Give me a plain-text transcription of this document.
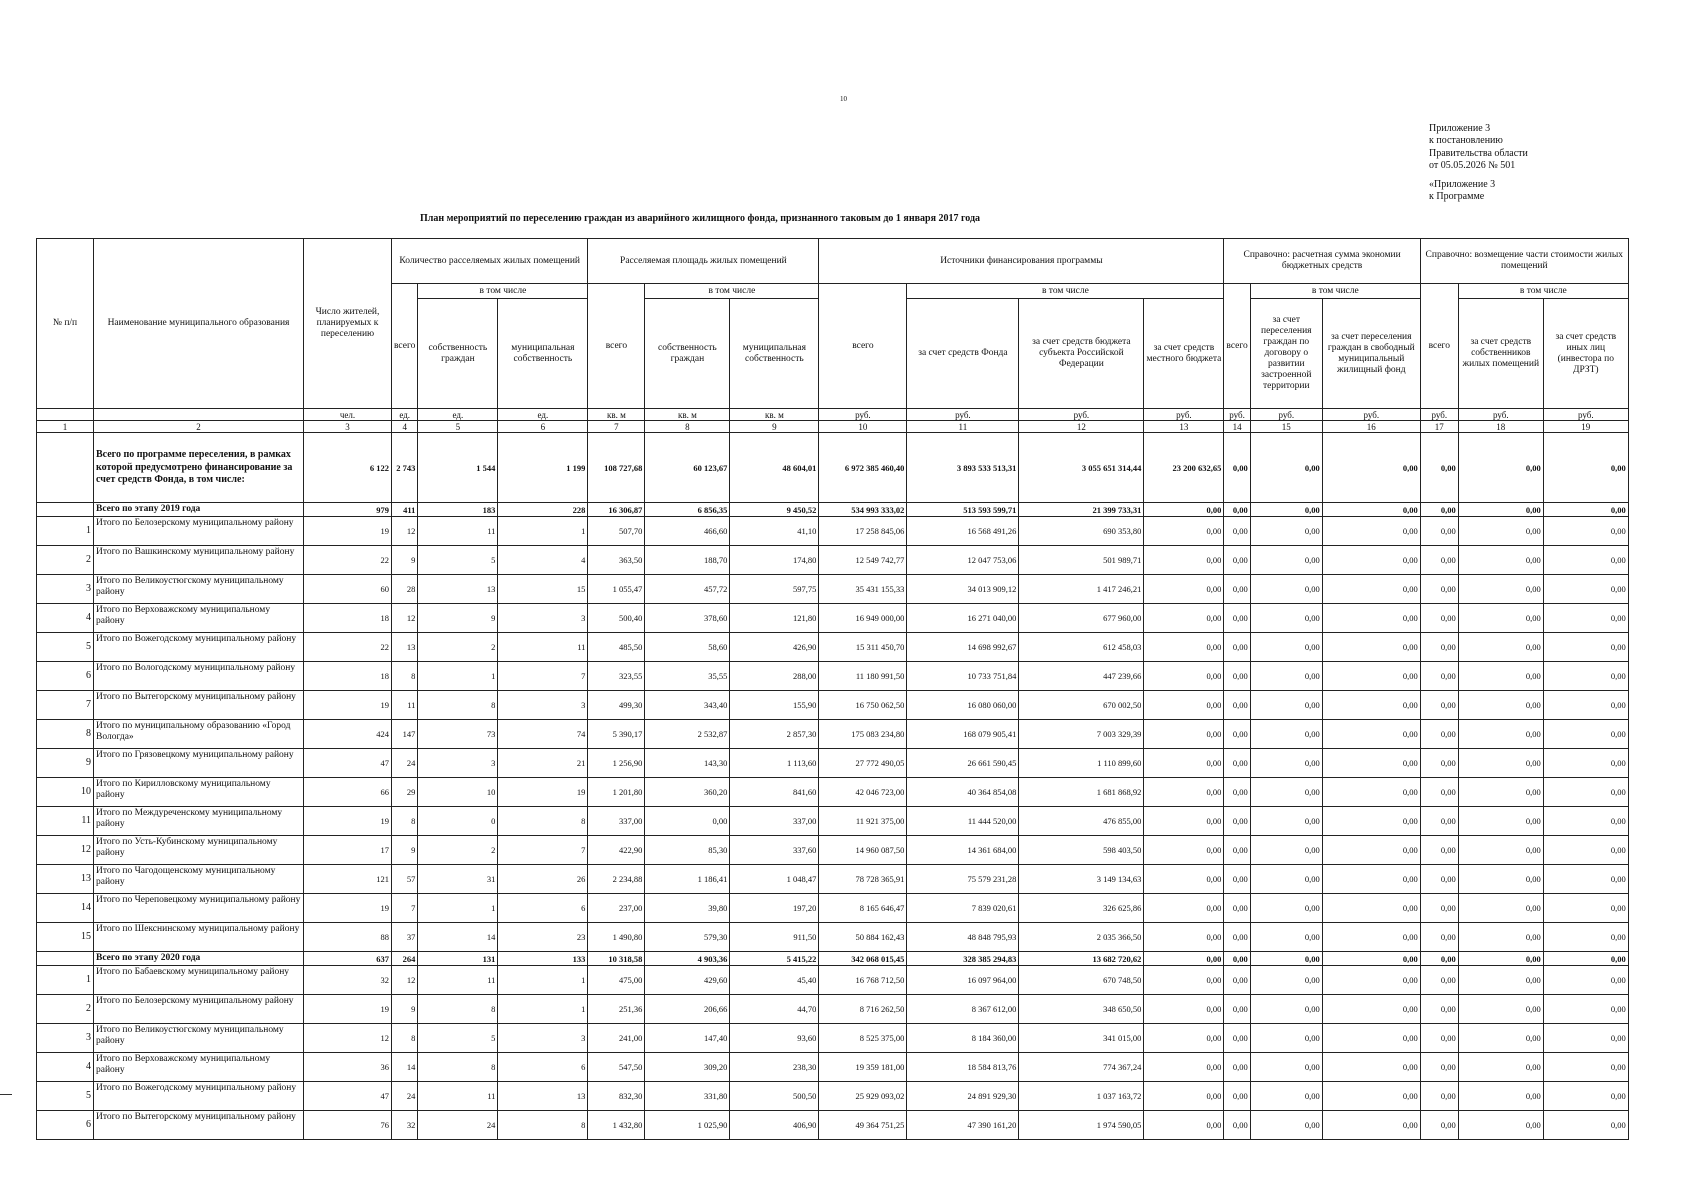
10
Приложение 3
к постановлению
Правительства области
от 05.05.2026 № 501
«Приложение 3
к Программе
План мероприятий по переселению граждан из аварийного жилищного фонда, признанного таковым до 1 января 2017 года
№ п/п	Наименование муниципального образования	Число жителей, планируемых к переселению	Количество расселяемых жилых помещений			Расселяемая площадь жилых помещений			Источники финансирования программы				Справочно: расчетная сумма экономии бюджетных средств			Справочно: возмещение части стоимости жилых помещений		
			всего	в том числе		всего	в том числе		всего	в том числе			всего	в том числе		всего	в том числе	
				собственность граждан	муниципальная собственность		собственность граждан	муниципальная собственность		за счет средств Фонда	за счет средств бюджета субъекта Российской Федерации	за счет средств местного бюджета		за счет переселения граждан по договору о развитии застроенной территории	за счет переселения граждан в свободный муниципальный жилищный фонд		за счет средств собственников жилых помещений	за счет средств иных лиц (инвестора по ДРЗТ)
		чел.	ед.	ед.	ед.	кв. м	кв. м	кв. м	руб.	руб.	руб.	руб.	руб.	руб.	руб.	руб.	руб.	руб.
1	2	3	4	5	6	7	8	9	10	11	12	13	14	15	16	17	18	19
	Всего по программе переселения, в рамках которой предусмотрено финансирование за счет средств Фонда, в том числе:	6 122	2 743	1 544	1 199	108 727,68	60 123,67	48 604,01	6 972 385 460,40	3 893 533 513,31	3 055 651 314,44	23 200 632,65	0,00	0,00	0,00	0,00	0,00	0,00
	Всего по этапу 2019 года	979	411	183	228	16 306,87	6 856,35	9 450,52	534 993 333,02	513 593 599,71	21 399 733,31	0,00	0,00	0,00	0,00	0,00	0,00	0,00
1	Итого по Белозерскому муниципальному району	19	12	11	1	507,70	466,60	41,10	17 258 845,06	16 568 491,26	690 353,80	0,00	0,00	0,00	0,00	0,00	0,00	0,00
2	Итого по Вашкинскому муниципальному району	22	9	5	4	363,50	188,70	174,80	12 549 742,77	12 047 753,06	501 989,71	0,00	0,00	0,00	0,00	0,00	0,00	0,00
3	Итого по Великоустюгскому муниципальному району	60	28	13	15	1 055,47	457,72	597,75	35 431 155,33	34 013 909,12	1 417 246,21	0,00	0,00	0,00	0,00	0,00	0,00	0,00
4	Итого по Верховажскому муниципальному району	18	12	9	3	500,40	378,60	121,80	16 949 000,00	16 271 040,00	677 960,00	0,00	0,00	0,00	0,00	0,00	0,00	0,00
5	Итого по Вожегодскому муниципальному району	22	13	2	11	485,50	58,60	426,90	15 311 450,70	14 698 992,67	612 458,03	0,00	0,00	0,00	0,00	0,00	0,00	0,00
6	Итого по Вологодскому муниципальному району	18	8	1	7	323,55	35,55	288,00	11 180 991,50	10 733 751,84	447 239,66	0,00	0,00	0,00	0,00	0,00	0,00	0,00
7	Итого по Вытегорскому муниципальному району	19	11	8	3	499,30	343,40	155,90	16 750 062,50	16 080 060,00	670 002,50	0,00	0,00	0,00	0,00	0,00	0,00	0,00
8	Итого по муниципальному образованию «Город Вологда»	424	147	73	74	5 390,17	2 532,87	2 857,30	175 083 234,80	168 079 905,41	7 003 329,39	0,00	0,00	0,00	0,00	0,00	0,00	0,00
9	Итого по Грязовецкому муниципальному району	47	24	3	21	1 256,90	143,30	1 113,60	27 772 490,05	26 661 590,45	1 110 899,60	0,00	0,00	0,00	0,00	0,00	0,00	0,00
10	Итого по Кирилловскому муниципальному району	66	29	10	19	1 201,80	360,20	841,60	42 046 723,00	40 364 854,08	1 681 868,92	0,00	0,00	0,00	0,00	0,00	0,00	0,00
11	Итого по Междуреченскому муниципальному району	19	8	0	8	337,00	0,00	337,00	11 921 375,00	11 444 520,00	476 855,00	0,00	0,00	0,00	0,00	0,00	0,00	0,00
12	Итого по Усть-Кубинскому муниципальному району	17	9	2	7	422,90	85,30	337,60	14 960 087,50	14 361 684,00	598 403,50	0,00	0,00	0,00	0,00	0,00	0,00	0,00
13	Итого по Чагодощенскому муниципальному району	121	57	31	26	2 234,88	1 186,41	1 048,47	78 728 365,91	75 579 231,28	3 149 134,63	0,00	0,00	0,00	0,00	0,00	0,00	0,00
14	Итого по Череповецкому муниципальному району	19	7	1	6	237,00	39,80	197,20	8 165 646,47	7 839 020,61	326 625,86	0,00	0,00	0,00	0,00	0,00	0,00	0,00
15	Итого по Шекснинскому муниципальному району	88	37	14	23	1 490,80	579,30	911,50	50 884 162,43	48 848 795,93	2 035 366,50	0,00	0,00	0,00	0,00	0,00	0,00	0,00
	Всего по этапу 2020 года	637	264	131	133	10 318,58	4 903,36	5 415,22	342 068 015,45	328 385 294,83	13 682 720,62	0,00	0,00	0,00	0,00	0,00	0,00	0,00
1	Итого по Бабаевскому муниципальному району	32	12	11	1	475,00	429,60	45,40	16 768 712,50	16 097 964,00	670 748,50	0,00	0,00	0,00	0,00	0,00	0,00	0,00
2	Итого по Белозерскому муниципальному району	19	9	8	1	251,36	206,66	44,70	8 716 262,50	8 367 612,00	348 650,50	0,00	0,00	0,00	0,00	0,00	0,00	0,00
3	Итого по Великоустюгскому муниципальному району	12	8	5	3	241,00	147,40	93,60	8 525 375,00	8 184 360,00	341 015,00	0,00	0,00	0,00	0,00	0,00	0,00	0,00
4	Итого по Верховажскому муниципальному району	36	14	8	6	547,50	309,20	238,30	19 359 181,00	18 584 813,76	774 367,24	0,00	0,00	0,00	0,00	0,00	0,00	0,00
5	Итого по Вожегодскому муниципальному району	47	24	11	13	832,30	331,80	500,50	25 929 093,02	24 891 929,30	1 037 163,72	0,00	0,00	0,00	0,00	0,00	0,00	0,00
6	Итого по Вытегорскому муниципальному району	76	32	24	8	1 432,80	1 025,90	406,90	49 364 751,25	47 390 161,20	1 974 590,05	0,00	0,00	0,00	0,00	0,00	0,00	0,00
